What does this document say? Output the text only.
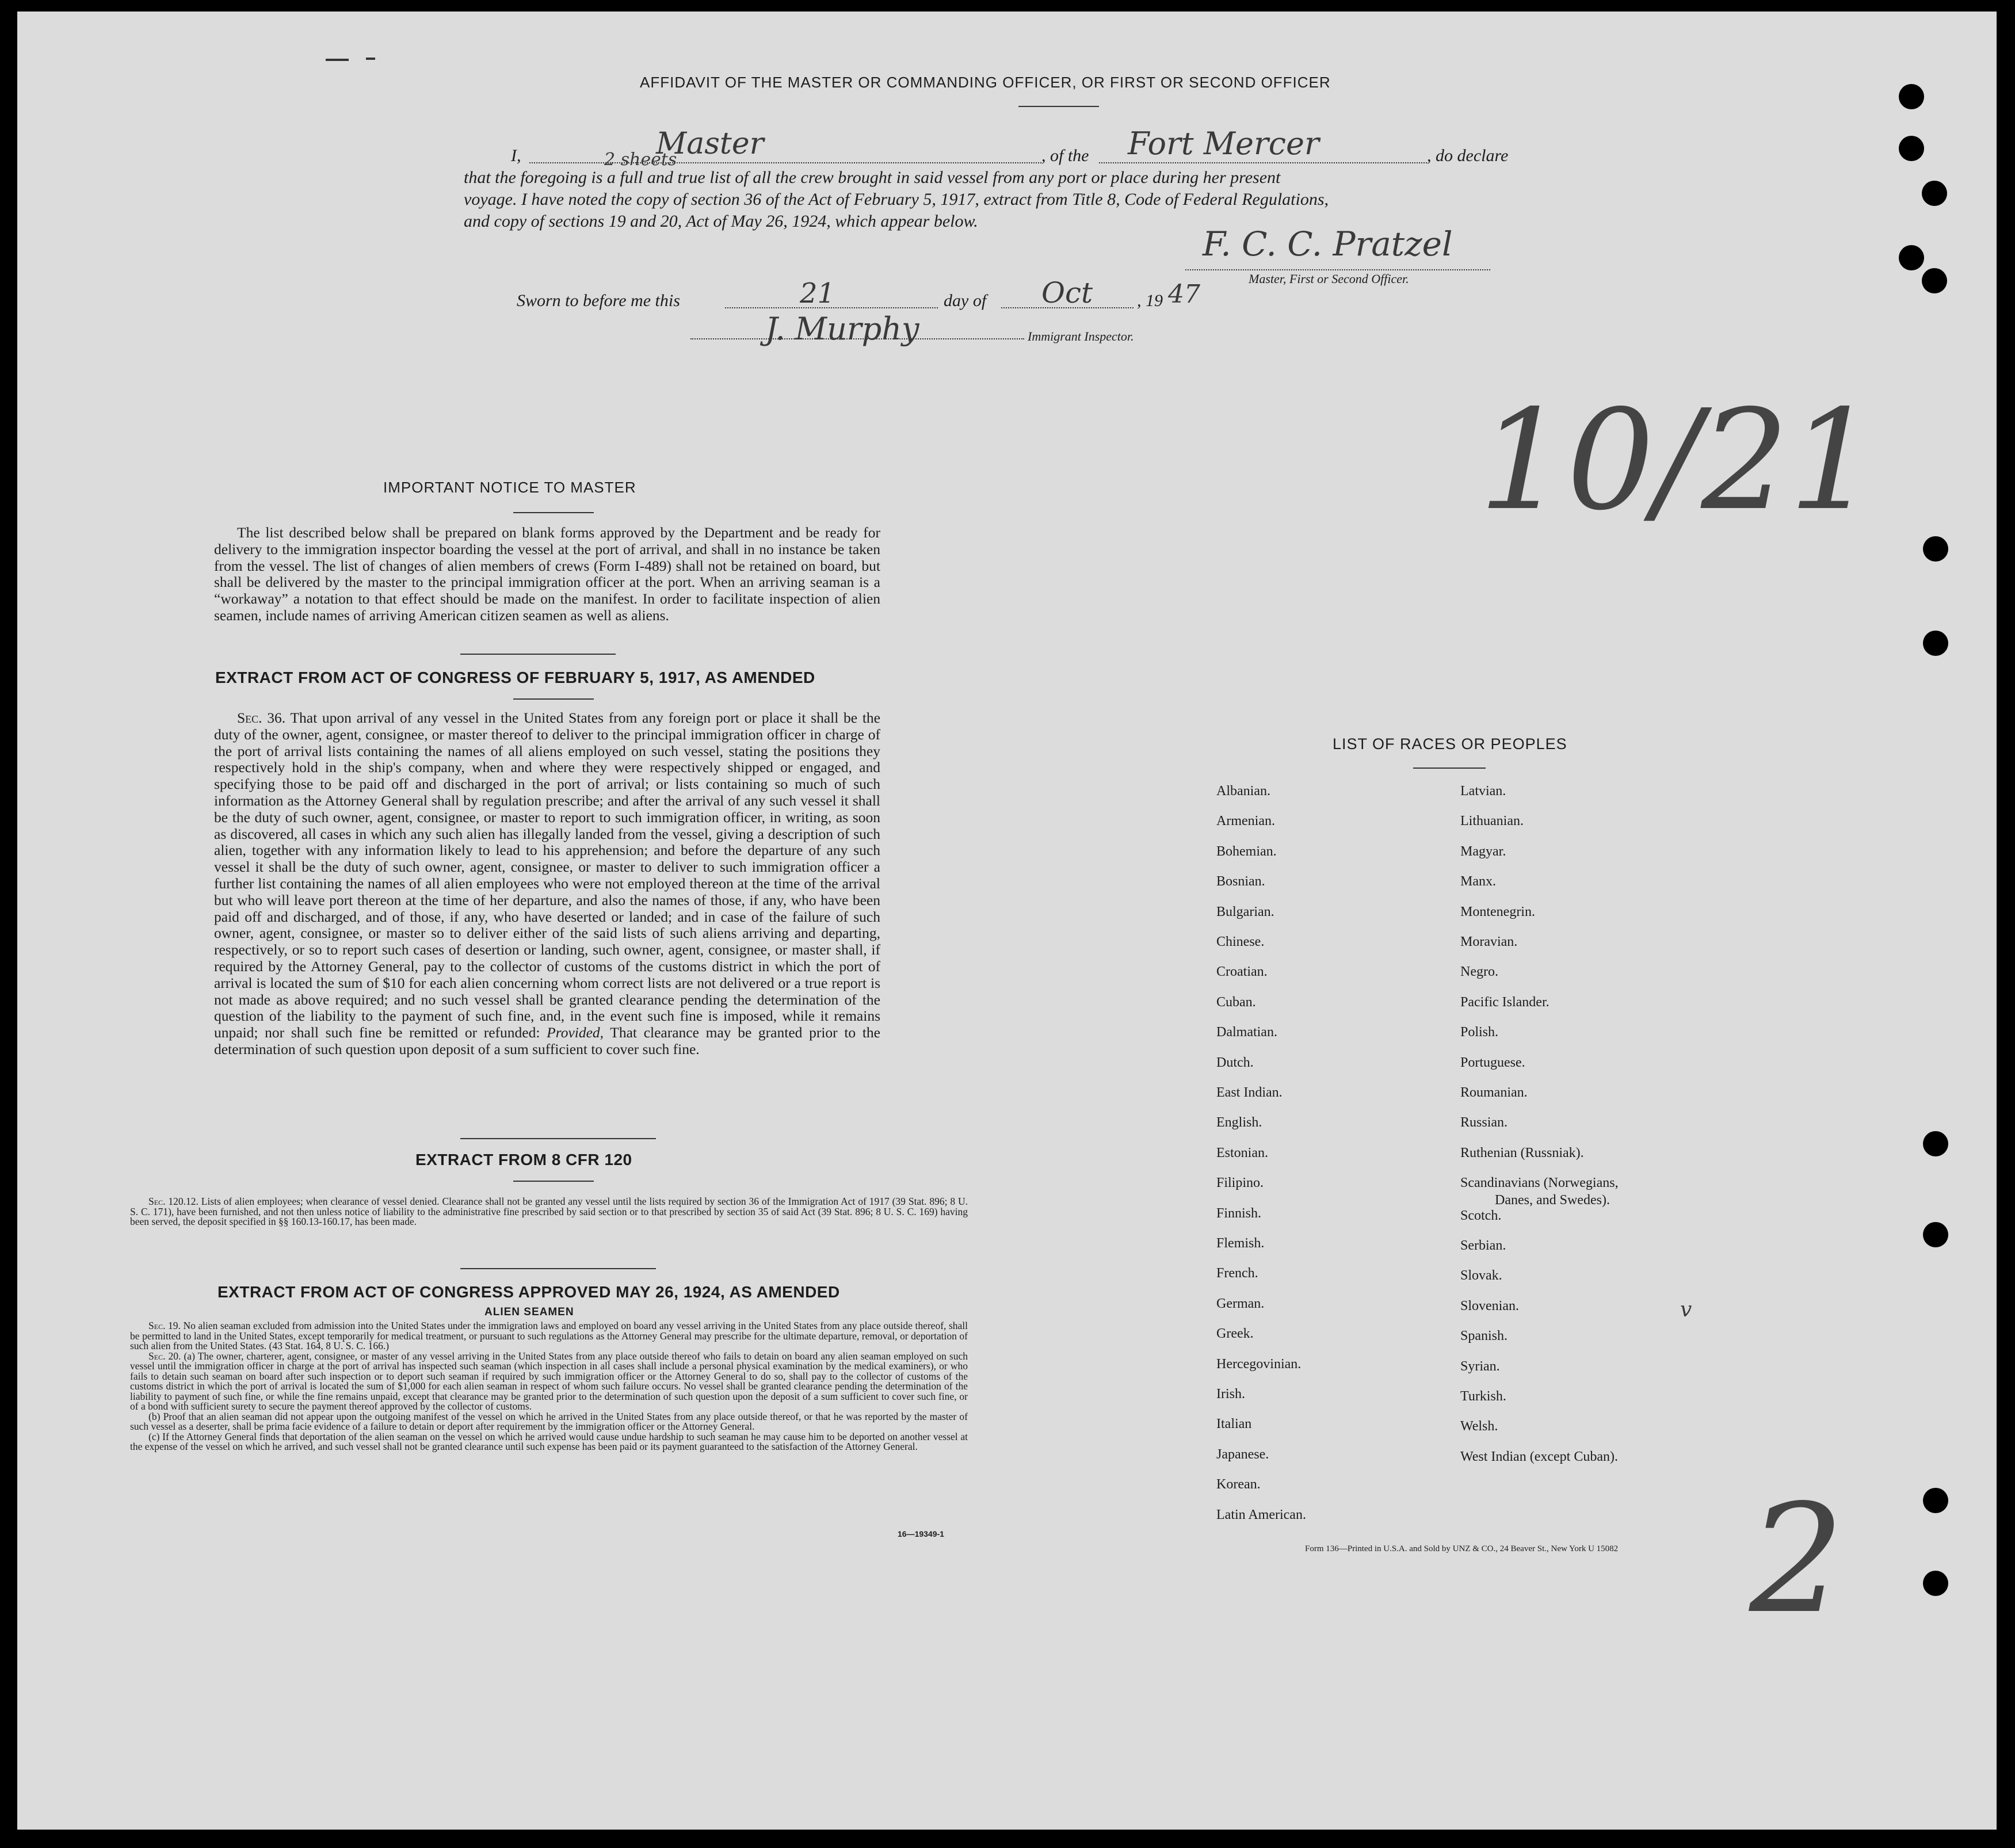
AFFIDAVIT OF THE MASTER OR COMMANDING OFFICER, OR FIRST OR SECOND OFFICER
I,	Master	, of the Fort Mercer	, do declare
2 sheets
that the foregoing is a full and true list of all the crew brought in said vessel from any port or place during her present
voyage. I have noted the copy of section 36 of the Act of February 5, 1917, extract from Title 8, Code of Federal Regulations,
and copy of sections 19 and 20, Act of May 26, 1924, which appear below.
F. C. C. Pratzel
Master, First or Second Officer.
Sworn to before me this	21	day of Oct	, 19 47
J. Murphy	Immigrant Inspector.
10/21
IMPORTANT NOTICE TO MASTER
The list described below shall be prepared on blank forms approved by the Department and be ready for delivery to the immigration inspector boarding the vessel at the port of arrival, and shall in no instance be taken from the vessel. The list of changes of alien members of crews (Form I-489) shall not be retained on board, but shall be delivered by the master to the principal immigration officer at the port. When an arriving seaman is a “workaway” a notation to that effect should be made on the manifest. In order to facilitate inspection of alien seamen, include names of arriving American citizen seamen as well as aliens.
EXTRACT FROM ACT OF CONGRESS OF FEBRUARY 5, 1917, AS AMENDED
Sec. 36. That upon arrival of any vessel in the United States from any foreign port or place it shall be the duty of the owner, agent, consignee, or master thereof to deliver to the principal immigration officer in charge of the port of arrival lists containing the names of all aliens employed on such vessel, stating the positions they respectively hold in the ship's company, when and where they were respectively shipped or engaged, and specifying those to be paid off and discharged in the port of arrival; or lists containing so much of such information as the Attorney General shall by regulation prescribe; and after the arrival of any such vessel it shall be the duty of such owner, agent, consignee, or master to report to such immigration officer, in writing, as soon as discovered, all cases in which any such alien has illegally landed from the vessel, giving a description of such alien, together with any information likely to lead to his apprehension; and before the departure of any such vessel it shall be the duty of such owner, agent, consignee, or master to deliver to such immigration officer a further list containing the names of all alien employees who were not employed thereon at the time of the arrival but who will leave port thereon at the time of her departure, and also the names of those, if any, who have been paid off and discharged, and of those, if any, who have deserted or landed; and in case of the failure of such owner, agent, consignee, or master so to deliver either of the said lists of such aliens arriving and departing, respectively, or so to report such cases of desertion or landing, such owner, agent, consignee, or master shall, if required by the Attorney General, pay to the collector of customs of the customs district in which the port of arrival is located the sum of $10 for each alien concerning whom correct lists are not delivered or a true report is not made as above required; and no such vessel shall be granted clearance pending the determination of the question of the liability to the payment of such fine, and, in the event such fine is imposed, while it remains unpaid; nor shall such fine be remitted or refunded: Provided, That clearance may be granted prior to the determination of such question upon deposit of a sum sufficient to cover such fine.
EXTRACT FROM 8 CFR 120

Sec. 120.12. Lists of alien employees; when clearance of vessel denied. Clearance shall not be granted any vessel until the lists required by section 36 of the Immigration Act of 1917 (39 Stat. 896; 8 U. S. C. 171), have been furnished, and not then unless notice of liability to the administrative fine prescribed by said section or to that prescribed by section 35 of said Act (39 Stat. 896; 8 U. S. C. 169) having been served, the deposit specified in §§ 160.13-160.17, has been made.

EXTRACT FROM ACT OF CONGRESS APPROVED MAY 26, 1924, AS AMENDED
ALIEN SEAMEN

Sec. 19. No alien seaman excluded from admission into the United States under the immigration laws and employed on board any vessel arriving in the United States from any place outside thereof, shall be permitted to land in the United States, except temporarily for medical treatment, or pursuant to such regulations as the Attorney General may prescribe for the ultimate departure, removal, or deportation of such alien from the United States. (43 Stat. 164, 8 U. S. C. 166.)

Sec. 20. (a) The owner, charterer, agent, consignee, or master of any vessel arriving in the United States from any place outside thereof who fails to detain on board any alien seaman employed on such vessel until the immigration officer in charge at the port of arrival has inspected such seaman (which inspection in all cases shall include a personal physical examination by the medical examiners), or who fails to detain such seaman on board after such inspection or to deport such seaman if required by such immigration officer or the Attorney General to do so, shall pay to the collector of customs of the customs district in which the port of arrival is located the sum of $1,000 for each alien seaman in respect of whom such failure occurs. No vessel shall be granted clearance pending the determination of the liability to payment of such fine, or while the fine remains unpaid, except that clearance may be granted prior to the determination of such question upon the deposit of a sum sufficient to cover such fine, or of a bond with sufficient surety to secure the payment thereof approved by the collector of customs.

(b) Proof that an alien seaman did not appear upon the outgoing manifest of the vessel on which he arrived in the United States from any place outside thereof, or that he was reported by the master of such vessel as a deserter, shall be prima facie evidence of a failure to detain or deport after requirement by the immigration officer or the Attorney General.

(c) If the Attorney General finds that deportation of the alien seaman on the vessel on which he arrived would cause undue hardship to such seaman he may cause him to be deported on another vessel at the expense of the vessel on which he arrived, and such vessel shall not be granted clearance until such expense has been paid or its payment guaranteed to the satisfaction of the Attorney General.

16—19349-1
LIST OF RACES OR PEOPLES
v
Form 136—Printed in U.S.A. and Sold by UNZ & CO., 24 Beaver St., New York U 15082 2
Albanian.
Armenian.
Bohemian.
Bosnian.
Bulgarian.
Chinese.
Croatian.
Cuban.
Dalmatian.
Dutch.
East Indian.
English.
Estonian.
Filipino.
Finnish.
Flemish.
French.
German.
Greek.
Hercegovinian.
Irish.
Italian
Japanese.
Korean.
Latin American.
Latvian.
Lithuanian.
Magyar.
Manx.
Montenegrin.
Moravian.
Negro.
Pacific Islander.
Polish.
Portuguese.
Roumanian.
Russian.
Ruthenian (Russniak).
Scandinavians (Norwegians,
Danes, and Swedes).
Scotch.
Serbian.
Slovak.
Slovenian.
Spanish.
Syrian.
Turkish.
Welsh.
West Indian (except Cuban).
